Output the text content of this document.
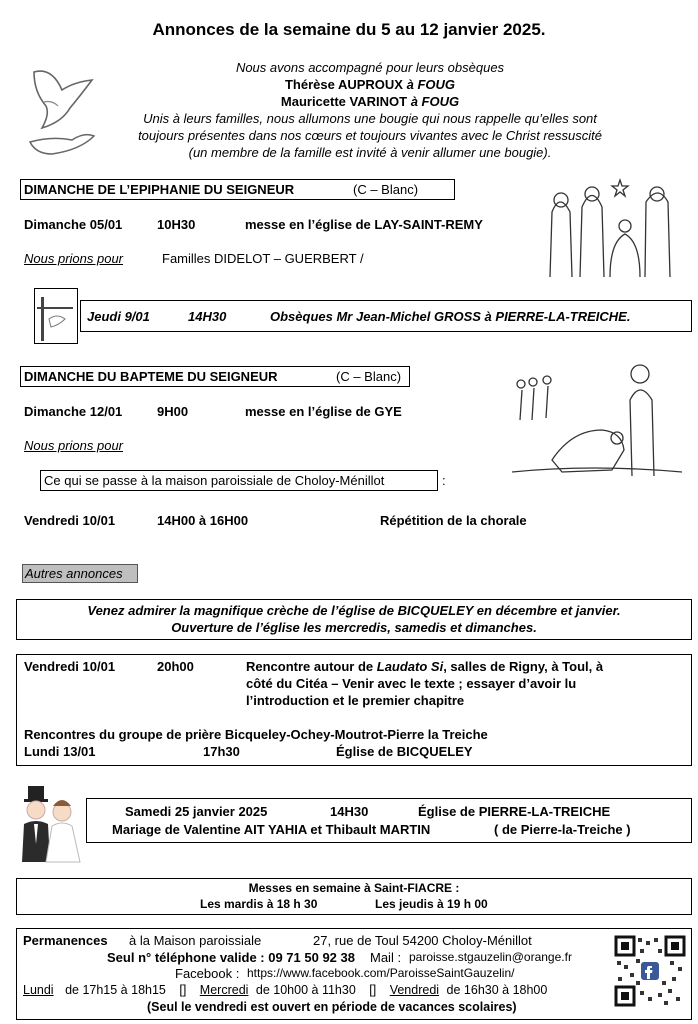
Annonces de la semaine du 5 au 12 janvier 2025.
Nous avons accompagné pour leurs obsèques
Thérèse AUPROUX à FOUG
Mauricette VARINOT à FOUG
Unis à leurs familles, nous allumons une bougie qui nous rappelle qu’elles sont
toujours présentes dans nos cœurs et toujours vivantes avec le Christ ressuscité
(un membre de la famille est invité à venir allumer une bougie).
DIMANCHE DE L’EPIPHANIE DU SEIGNEUR	(C – Blanc)
Dimanche 05/01	10H30	messe en l’église de LAY-SAINT-REMY
Nous prions pour	Familles DIDELOT – GUERBERT /
Jeudi 9/01	14H30	Obsèques Mr Jean-Michel GROSS à PIERRE-LA-TREICHE.
DIMANCHE DU BAPTEME DU SEIGNEUR	(C – Blanc)
Dimanche 12/01	9H00	messe en l’église de GYE
Nous prions pour
Ce qui se passe à la maison paroissiale de Choloy-Ménillot	:
Vendredi 10/01	14H00 à 16H00	Répétition de la chorale
Autres annonces
Venez admirer la magnifique crèche de l’église de BICQUELEY en décembre et janvier.
Ouverture de l’église les mercredis, samedis et dimanches.
Vendredi 10/01	20h00	Rencontre autour de Laudato Si, salles de Rigny, à Toul, à
côté du Citéa – Venir avec le texte ; essayer d’avoir lu
l’introduction et le premier chapitre
Rencontres du groupe de prière Bicqueley-Ochey-Moutrot-Pierre la Treiche
Lundi 13/01	17h30	Église de BICQUELEY
Samedi 25 janvier 2025	14H30	Église de PIERRE-LA-TREICHE
Mariage de Valentine AIT YAHIA et Thibault MARTIN	( de Pierre-la-Treiche )
Messes en semaine à Saint-FIACRE :
Les mardis à 18 h 30	Les jeudis à 19 h 00
Permanences à la Maison paroissiale	27, rue de Toul 54200 Choloy-Ménillot
Seul n° téléphone valide : 09 71 50 92 38 Mail : paroisse.stgauzelin@orange.fr
Facebook : https://www.facebook.com/ParoisseSaintGauzelin/
Lundi de 17h15 à 18h15 [] Mercredi de 10h00 à 11h30 [] Vendredi de 16h30 à 18h00
(Seul le vendredi est ouvert en période de vacances scolaires)
